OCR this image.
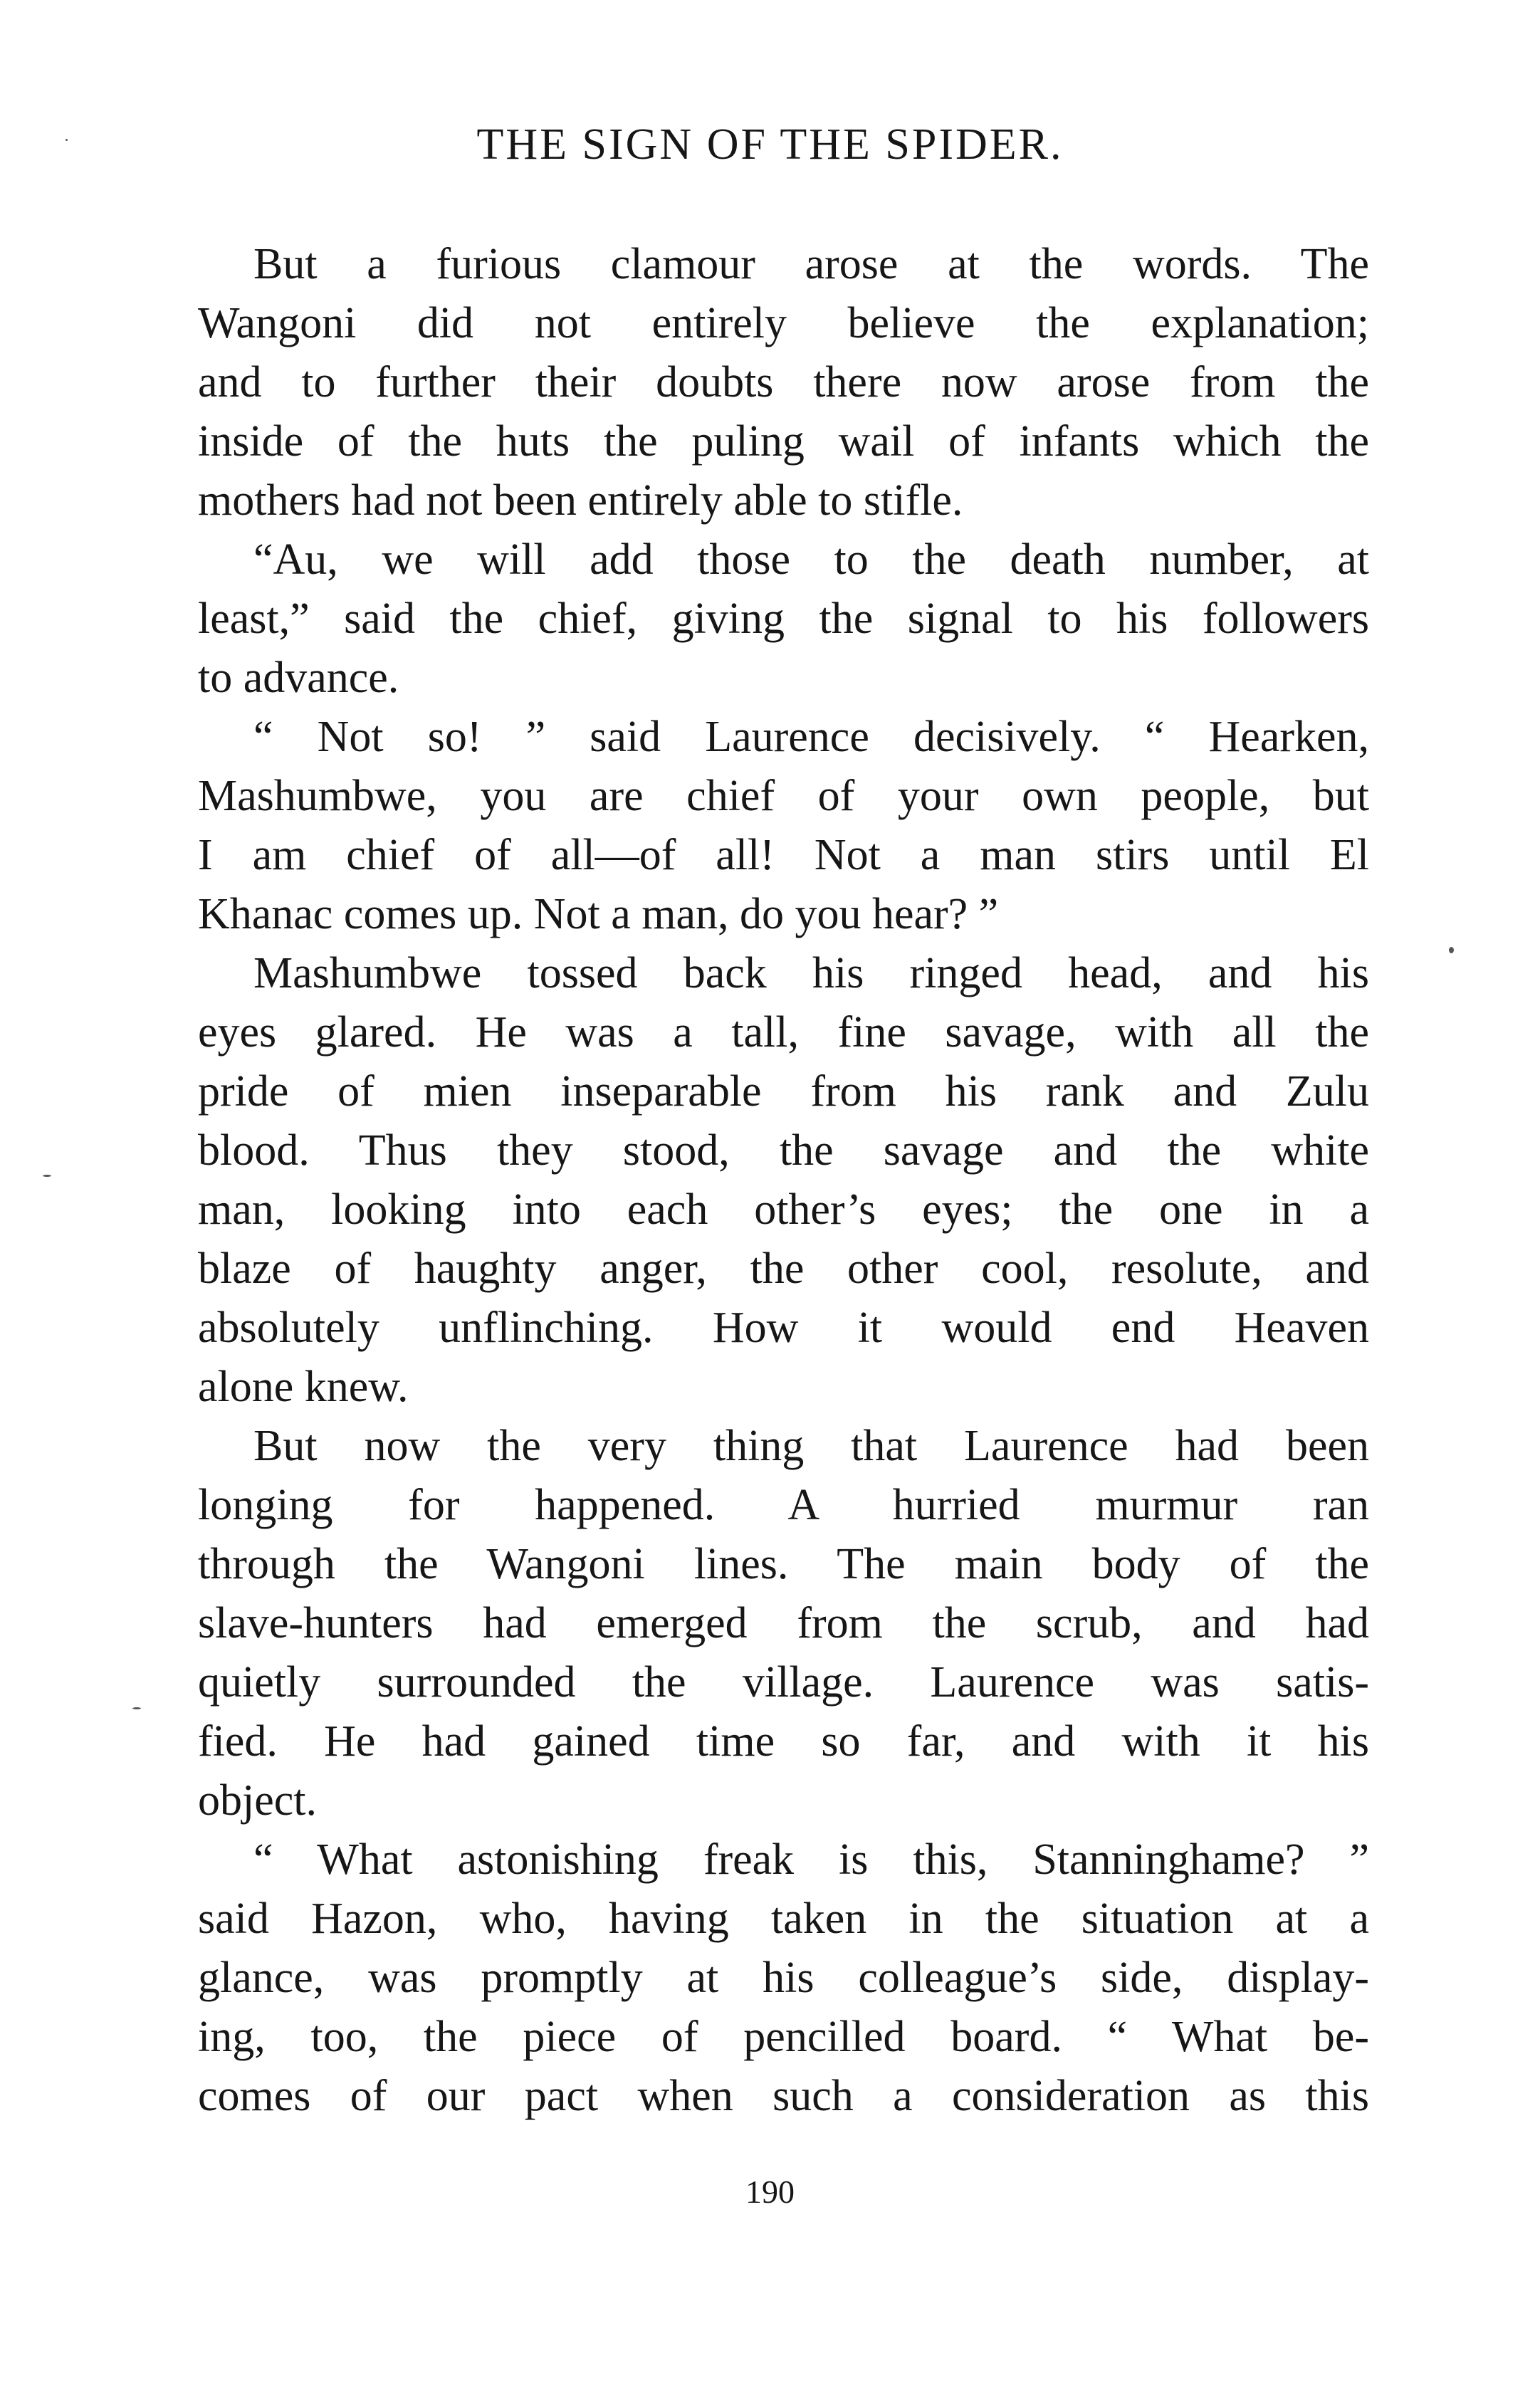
THE SIGN OF THE SPIDER.
But a furious clamour arose at the words. The
Wangoni did not entirely believe the explanation;
and to further their doubts there now arose from the
inside of the huts the puling wail of infants which the
mothers had not been entirely able to stifle.
“Au, we will add those to the death number, at
least,” said the chief, giving the signal to his followers
to advance.
“ Not so! ” said Laurence decisively. “ Hearken,
Mashumbwe, you are chief of your own people, but
I am chief of all—of all! Not a man stirs until El
Khanac comes up. Not a man, do you hear? ”
Mashumbwe tossed back his ringed head, and his
eyes glared. He was a tall, fine savage, with all the
pride of mien inseparable from his rank and Zulu
blood. Thus they stood, the savage and the white
man, looking into each other’s eyes; the one in a
blaze of haughty anger, the other cool, resolute, and
absolutely unflinching. How it would end Heaven
alone knew.
But now the very thing that Laurence had been
longing for happened. A hurried murmur ran
through the Wangoni lines. The main body of the
slave-hunters had emerged from the scrub, and had
quietly surrounded the village. Laurence was satis-
fied. He had gained time so far, and with it his
object.
“ What astonishing freak is this, Stanninghame? ”
said Hazon, who, having taken in the situation at a
glance, was promptly at his colleague’s side, display-
ing, too, the piece of pencilled board. “ What be-
comes of our pact when such a consideration as this
190
